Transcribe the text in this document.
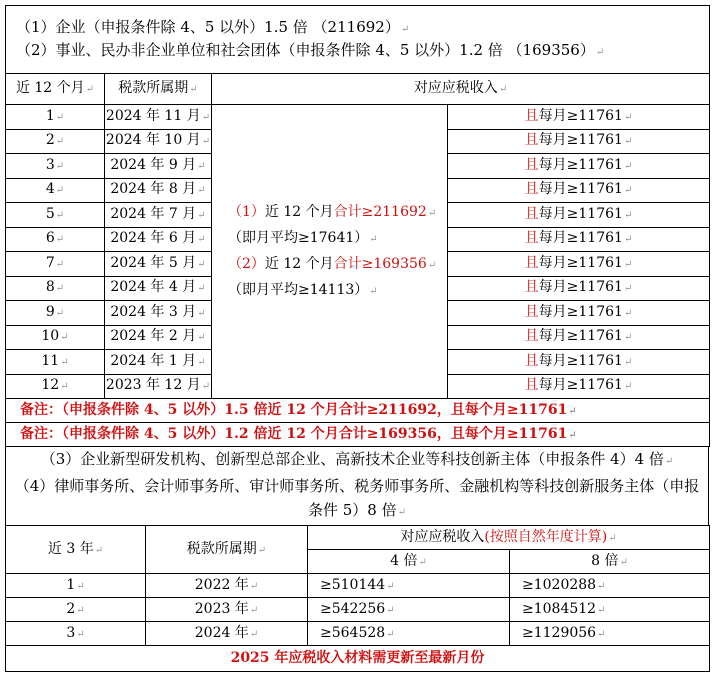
（1）企业（申报条件除 4、5 以外）1.5 倍 （211692）↵
（2）事业、民办非企业单位和社会团体（申报条件除 4、5 以外）1.2 倍 （169356）↵			

近 12 个月↵	税款所属期↵	对应应税收入↵	
1↵	2024 年 11 月↵	（1）近 12 个月合计≥211692↵
（即月平均≥17641）↵
（2）近 12 个月合计≥169356↵
（即月平均≥14113）↵	且每月≥11761↵
2↵	2024 年 10 月↵		且每月≥11761↵
3↵	2024 年 9 月↵		且每月≥11761↵
4↵	2024 年 8 月↵		且每月≥11761↵
5↵	2024 年 7 月↵		且每月≥11761↵
6↵	2024 年 6 月↵		且每月≥11761↵
7↵	2024 年 5 月↵		且每月≥11761↵
8↵	2024 年 4 月↵		且每月≥11761↵
9↵	2024 年 3 月↵		且每月≥11761↵
10↵	2024 年 2 月↵		且每月≥11761↵
11↵	2024 年 1 月↵		且每月≥11761↵
12↵	2023 年 12 月↵		且每月≥11761↵
备注：（申报条件除 4、5 以外）1.5 倍近 12 个月合计≥211692，且每个月≥11761↵			
备注：（申报条件除 4、5 以外）1.2 倍近 12 个月合计≥169356，且每个月≥11761↵			
（3）企业新型研发机构、创新型总部企业、高新技术企业等科技创新主体（申报条件 4）4 倍↵
（4）律师事务所、会计师事务所、审计师事务所、税务师事务所、金融机构等科技创新服务主体（申报条件 5）8 倍↵
近 3 年↵	税款所属期↵	对应应税收入(按照自然年度计算)↵	
		4 倍↵	8 倍↵
1↵	2022 年↵	≥510144↵	≥1020288↵
2↵	2023 年↵	≥542256↵	≥1084512↵
3↵	2024 年↵	≥564528↵	≥1129056↵
2025 年应税收入材料需更新至最新月份			
